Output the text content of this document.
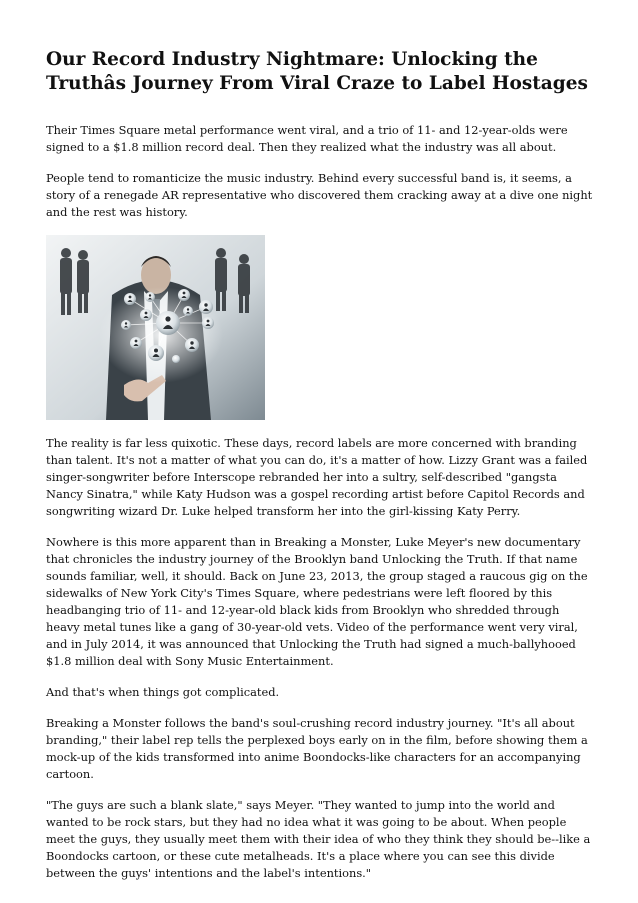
Our Record Industry Nightmare: Unlocking the Truthâs Journey From Viral Craze to Label Hostages

Their Times Square metal performance went viral, and a trio of 11- and 12-year-olds were signed to a $1.8 million record deal. Then they realized what the industry was all about.

People tend to romanticize the music industry. Behind every successful band is, it seems, a story of a renegade AR representative who discovered them cracking away at a dive one night and the rest was history.

The reality is far less quixotic. These days, record labels are more concerned with branding than talent. It's not a matter of what you can do, it's a matter of how. Lizzy Grant was a failed singer-songwriter before Interscope rebranded her into a sultry, self-described "gangsta Nancy Sinatra," while Katy Hudson was a gospel recording artist before Capitol Records and songwriting wizard Dr. Luke helped transform her into the girl-kissing Katy Perry.

Nowhere is this more apparent than in Breaking a Monster, Luke Meyer's new documentary that chronicles the industry journey of the Brooklyn band Unlocking the Truth. If that name sounds familiar, well, it should. Back on June 23, 2013, the group staged a raucous gig on the sidewalks of New York City's Times Square, where pedestrians were left floored by this headbanging trio of 11- and 12-year-old black kids from Brooklyn who shredded through heavy metal tunes like a gang of 30-year-old vets. Video of the performance went very viral, and in July 2014, it was announced that Unlocking the Truth had signed a much-ballyhooed $1.8 million deal with Sony Music Entertainment.

And that's when things got complicated.

Breaking a Monster follows the band's soul-crushing record industry journey. "It's all about branding," their label rep tells the perplexed boys early on in the film, before showing them a mock-up of the kids transformed into anime Boondocks-like characters for an accompanying cartoon.

"The guys are such a blank slate," says Meyer. "They wanted to jump into the world and wanted to be rock stars, but they had no idea what it was going to be about. When people meet the guys, they usually meet them with their idea of who they think they should be--like a Boondocks cartoon, or these cute metalheads. It's a place where you can see this divide between the guys' intentions and the label's intentions."
